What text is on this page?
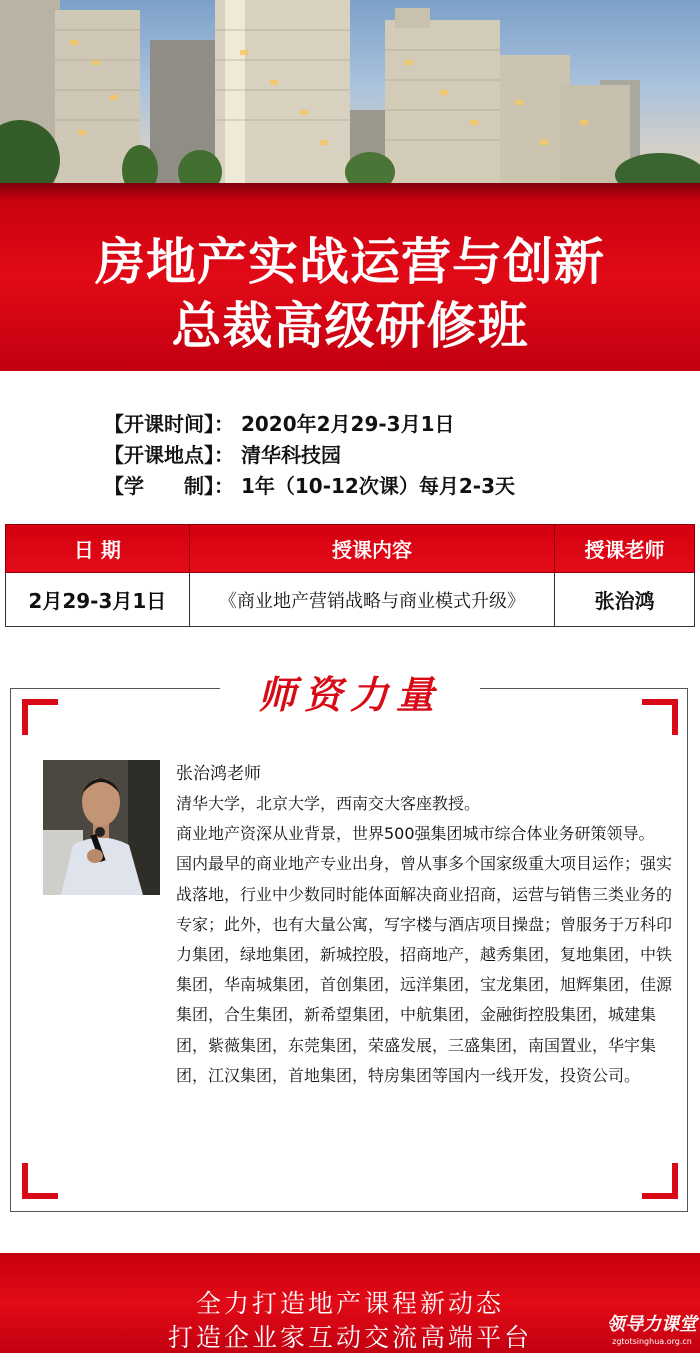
房地产实战运营与创新
总裁高级研修班
【开课时间】： 2020年2月29-3月1日
【开课地点】： 清华科技园
【学　　制】： 1年（10-12次课）每月2-3天
日 期	授课内容	授课老师
2月29-3月1日	《商业地产营销战略与商业模式升级》	张治鸿
师资力量
张治鸿老师

清华大学，北京大学，西南交大客座教授。

商业地产资深从业背景，世界500强集团城市综合体业务研策领导。

国内最早的商业地产专业出身，曾从事多个国家级重大项目运作；强实战落地，行业中少数同时能体面解决商业招商，运营与销售三类业务的专家；此外，也有大量公寓，写字楼与酒店项目操盘；曾服务于万科印力集团，绿地集团，新城控股，招商地产，越秀集团，复地集团，中铁集团，华南城集团，首创集团，远洋集团，宝龙集团，旭辉集团，佳源集团，合生集团，新希望集团，中航集团，金融街控股集团，城建集团，紫薇集团，东莞集团，荣盛发展，三盛集团，南国置业，华宇集团，江汉集团，首地集团，特房集团等国内一线开发，投资公司。

全力打造地产课程新动态
打造企业家互动交流高端平台	领导力课堂
zgtotsinghua.org.cn
